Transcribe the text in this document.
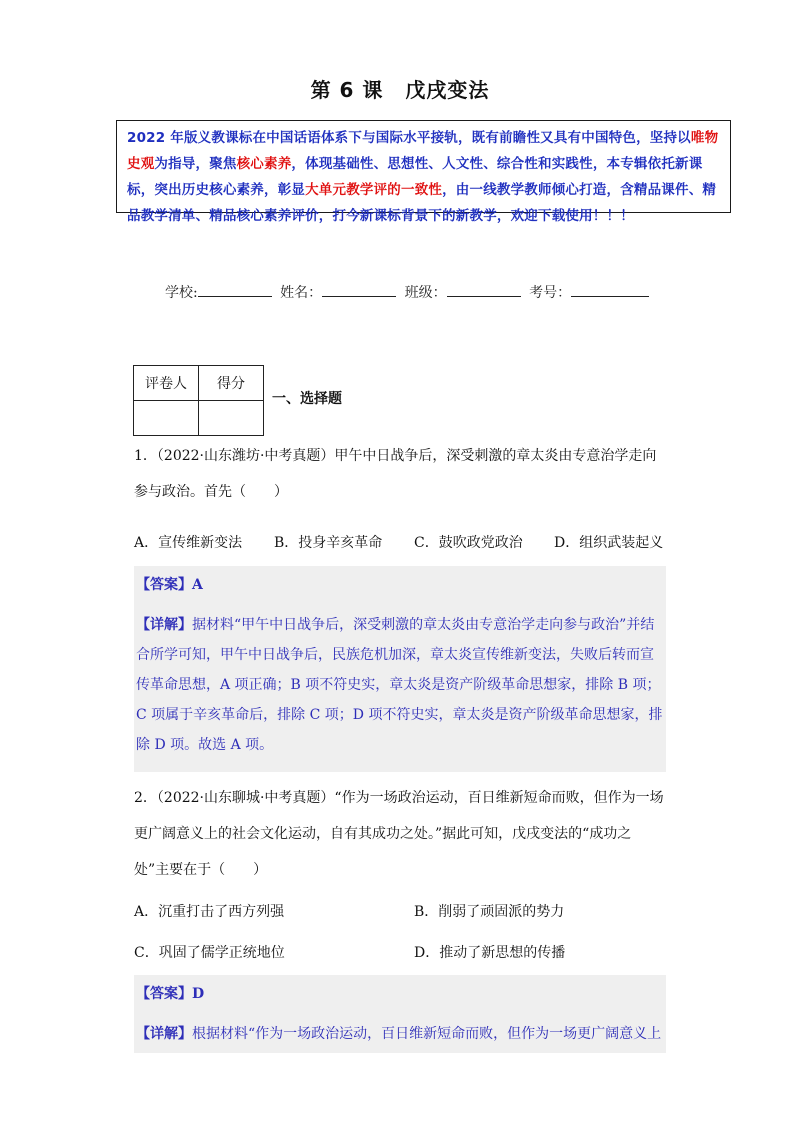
第 6 课 戊戌变法

2022 年版义教课标在中国话语体系下与国际水平接轨，既有前瞻性又具有中国特色，坚持以唯物史观为指导，聚焦核心素养，体现基础性、思想性、人文性、综合性和实践性，本专辑依托新课标，突出历史核心素养，彰显大单元教学评的一致性，由一线教学教师倾心打造，含精品课件、精品教学清单、精品核心素养评价，打今新课标背景下的新教学，欢迎下载使用！！！

学校:	姓名：	班级：	考号：
评卷人	得分

一、选择题
1．（2022·山东潍坊·中考真题）甲午中日战争后，深受刺激的章太炎由专意治学走向参与政治。首先（　　）
A．宣传维新变法 B．投身辛亥革命 C．鼓吹政党政治 D．组织武装起义
【答案】A
【详解】据材料“甲午中日战争后，深受刺激的章太炎由专意治学走向参与政治”并结合所学可知，甲午中日战争后，民族危机加深，章太炎宣传维新变法，失败后转而宣传革命思想，A 项正确；B 项不符史实，章太炎是资产阶级革命思想家，排除 B 项；C 项属于辛亥革命后，排除 C 项；D 项不符史实，章太炎是资产阶级革命思想家，排除 D 项。故选 A 项。
2．（2022·山东聊城·中考真题）“作为一场政治运动，百日维新短命而败，但作为一场更广阔意义上的社会文化运动，自有其成功之处。”据此可知，戊戌变法的“成功之处”主要在于（　　）
A．沉重打击了西方列强	B．削弱了顽固派的势力
C．巩固了儒学正统地位	D．推动了新思想的传播
【答案】D
【详解】根据材料“作为一场政治运动，百日维新短命而败，但作为一场更广阔意义上
